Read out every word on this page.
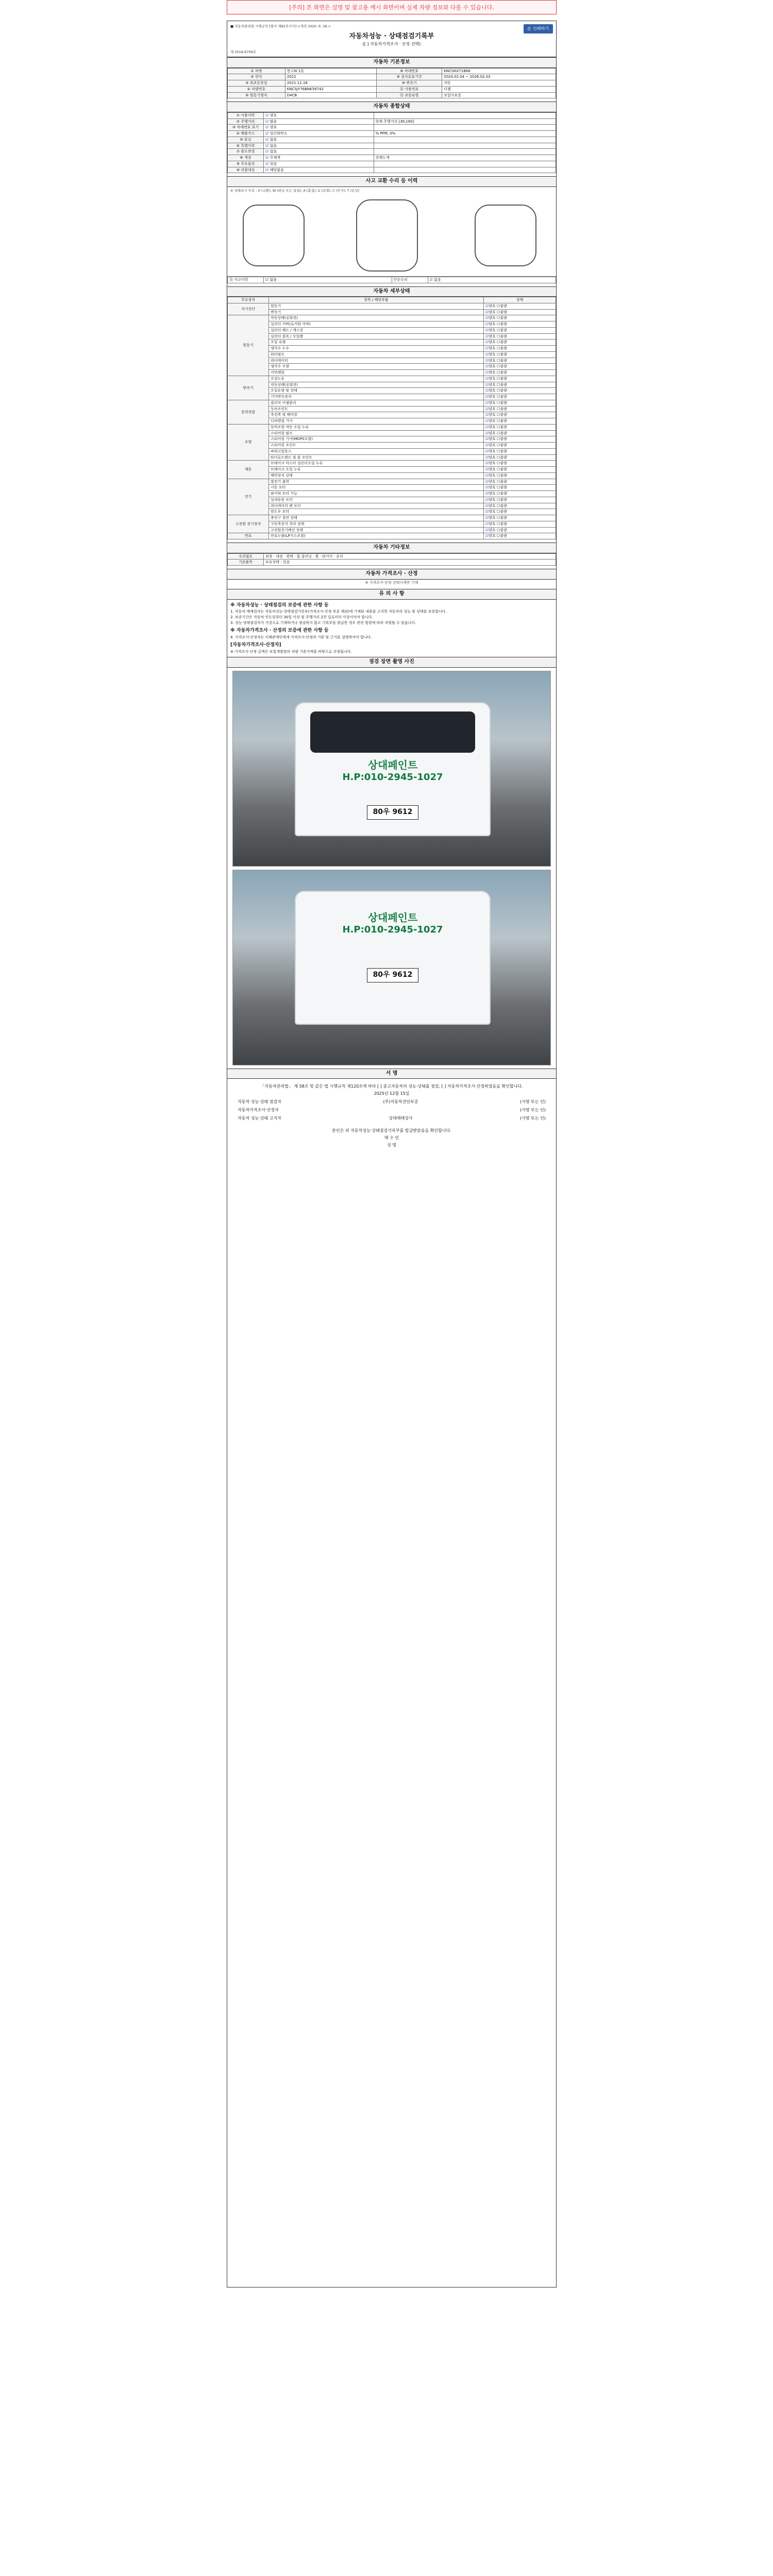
[주의] 본 화면은 설명 및 참고용 예시 화면이며 실제 차량 정보와 다를 수 있습니다.
■ 자동차관리법 시행규칙 [별지 제82호서식] <개정 2020. 6. 26.>	⎙ 인쇄하기
자동차성능 · 상태점검기록부
([ ] 자동차가격조사 · 산정 선택)
제 2018-6709호
자동차 기본정보
① 차명	봉고III 1톤	⑧ 차대번호	KNCSHX71BKK
② 연식	2022	⑨ 검사유효기간	2024.02.04 ~ 2026.02.03
③ 최초등록일	2021.11.18	⑩ 변속기	자동
④ 차량번호	KNCSJY76BNK56742	⑪ 사용연료	디젤
⑤ 원동기형식	D4CB	⑫ 보증유형	보험사보증
자동차 종합상태
① 사용이력	☑ 양호	
② 주행거리	☑ 많음	현재 주행거리 [36,160]
③ 차대번호 표기	☑ 양호	
④ 배출가스	☑ 일산화탄소	% PPM, 0%
⑤ 튜닝	☑ 없음	
⑥ 특별이력	☑ 없음	
⑦ 용도변경	☑ 없음	
⑧ 색상	☑ 무채색	전체도색
⑨ 주요옵션	☑ 있음	
⑩ 리콜대상	☑ 해당없음	
사고 교환 수리 등 이력
※ 상태표시 부호 : X (교환), W (판금 또는 용접), A (흠집), U (요철), C (부식), T (손상)
⑪ 사고이력	☑ 없음	단순수리	☑ 없음
자동차 세부상태
주요장치	항목 / 해당부품	상태
자기진단	원동기	☑양호 ☐불량
	변속기	☑양호 ☐불량
원동기	작동상태(공회전)	☑양호 ☐불량
	실린더 커버(로커암 커버)	☑양호 ☐불량
	실린더 헤드 / 개스킷	☑양호 ☐불량
	실린더 블록 / 오일팬	☑양호 ☐불량
	오일 유량	☑양호 ☐불량
	냉각수 누수	☑양호 ☐불량
	워터펌프	☑양호 ☐불량
	라디에이터	☑양호 ☐불량
	냉각수 수량	☑양호 ☐불량
	커먼레일	☑양호 ☐불량
변속기	오일누유	☑양호 ☐불량
	작동상태(공회전)	☑양호 ☐불량
	오일유량 및 상태	☑양호 ☐불량
	기어변속장치	☑양호 ☐불량
동력전달	클러치 어셈블리	☑양호 ☐불량
	등속조인트	☑양호 ☐불량
	추진축 및 베어링	☑양호 ☐불량
	디퍼렌셜 기어	☑양호 ☐불량
조향	동력조향 작동 오일 누유	☑양호 ☐불량
	스티어링 펌프	☑양호 ☐불량
	스티어링 기어(MDPS포함)	☑양호 ☐불량
	스티어링 조인트	☑양호 ☐불량
	파워고압호스	☑양호 ☐불량
	타이로드엔드 및 볼 조인트	☑양호 ☐불량
제동	브레이크 마스터 실린더오일 누유	☑양호 ☐불량
	브레이크 오일 누유	☑양호 ☐불량
	배력장치 상태	☑양호 ☐불량
전기	발전기 출력	☑양호 ☐불량
	시동 모터	☑양호 ☐불량
	와이퍼 모터 기능	☑양호 ☐불량
	실내송풍 모터	☑양호 ☐불량
	라디에이터 팬 모터	☑양호 ☐불량
	윈도우 모터	☑양호 ☐불량
고전원 전기장치	충전구 절연 상태	☑양호 ☐불량
	구동축전지 격리 상태	☑양호 ☐불량
	고전원전기배선 상태	☑양호 ☐불량
연료	연료누출(LP가스포함)	☑양호 ☐불량
자동차 기타정보
수리필요	외장 · 내장 · 광택 · 룸 클리닝 · 휠 · 타이어 · 유리
기본품목	보유상태 : 있음
자동차 가격조사 · 산정
※ 가격조사·산정 선택시에만 기재
유 의 사 항
※ 자동차성능 · 상태점검의 보증에 관한 사항 등

1. 자동차 매매업자는 자동차성능·상태점검기록부(가격조사·산정 부분 제외)에 기재된 내용을 고지한 자동차의 성능 및 상태를 보증합니다.

2. 보증기간은 자동차 인도일부터 30일 이상 및 주행거리 2천 킬로미터 이상이어야 합니다.

3. 성능·상태점검자가 거짓으로 기재하거나 점검하지 않고 기록부를 발급한 경우 관련 법령에 따라 처벌될 수 있습니다.

※ 자동차가격조사 · 산정의 보증에 관한 사항 등

4. 가격조사·산정자는 이해관계인에게 가격조사·산정의 기준 및 근거를 설명하여야 합니다.

[자동차가격조사·산정자]

※ 가격조사·산정 금액은 보험개발원의 차량 기준가액을 바탕으로 산정됩니다.

점검 장면 촬영 사진
상대페인트
H.P:010-2945-1027
80우 9612
상대페인트
H.P:010-2945-1027
80우 9612
서 명
「자동차관리법」 제 58조 및 같은 법 시행규칙 제120조에 따라 [ ] 중고자동차의 성능·상태를 점검, [ ] 자동차가격조사·산정하였음을 확인합니다.
2025년 12월 15일
자동차 성능·상태 점검자	(주)자동차진단보증	(서명 또는 인)
자동차가격조사·산정자	(서명 또는 인)
자동차 성능·상태 고지자	상대매매상사	(서명 또는 인)
본인은 위 자동차성능·상태점검기록부를 발급받았음을 확인합니다.
매 수 인
성 명
